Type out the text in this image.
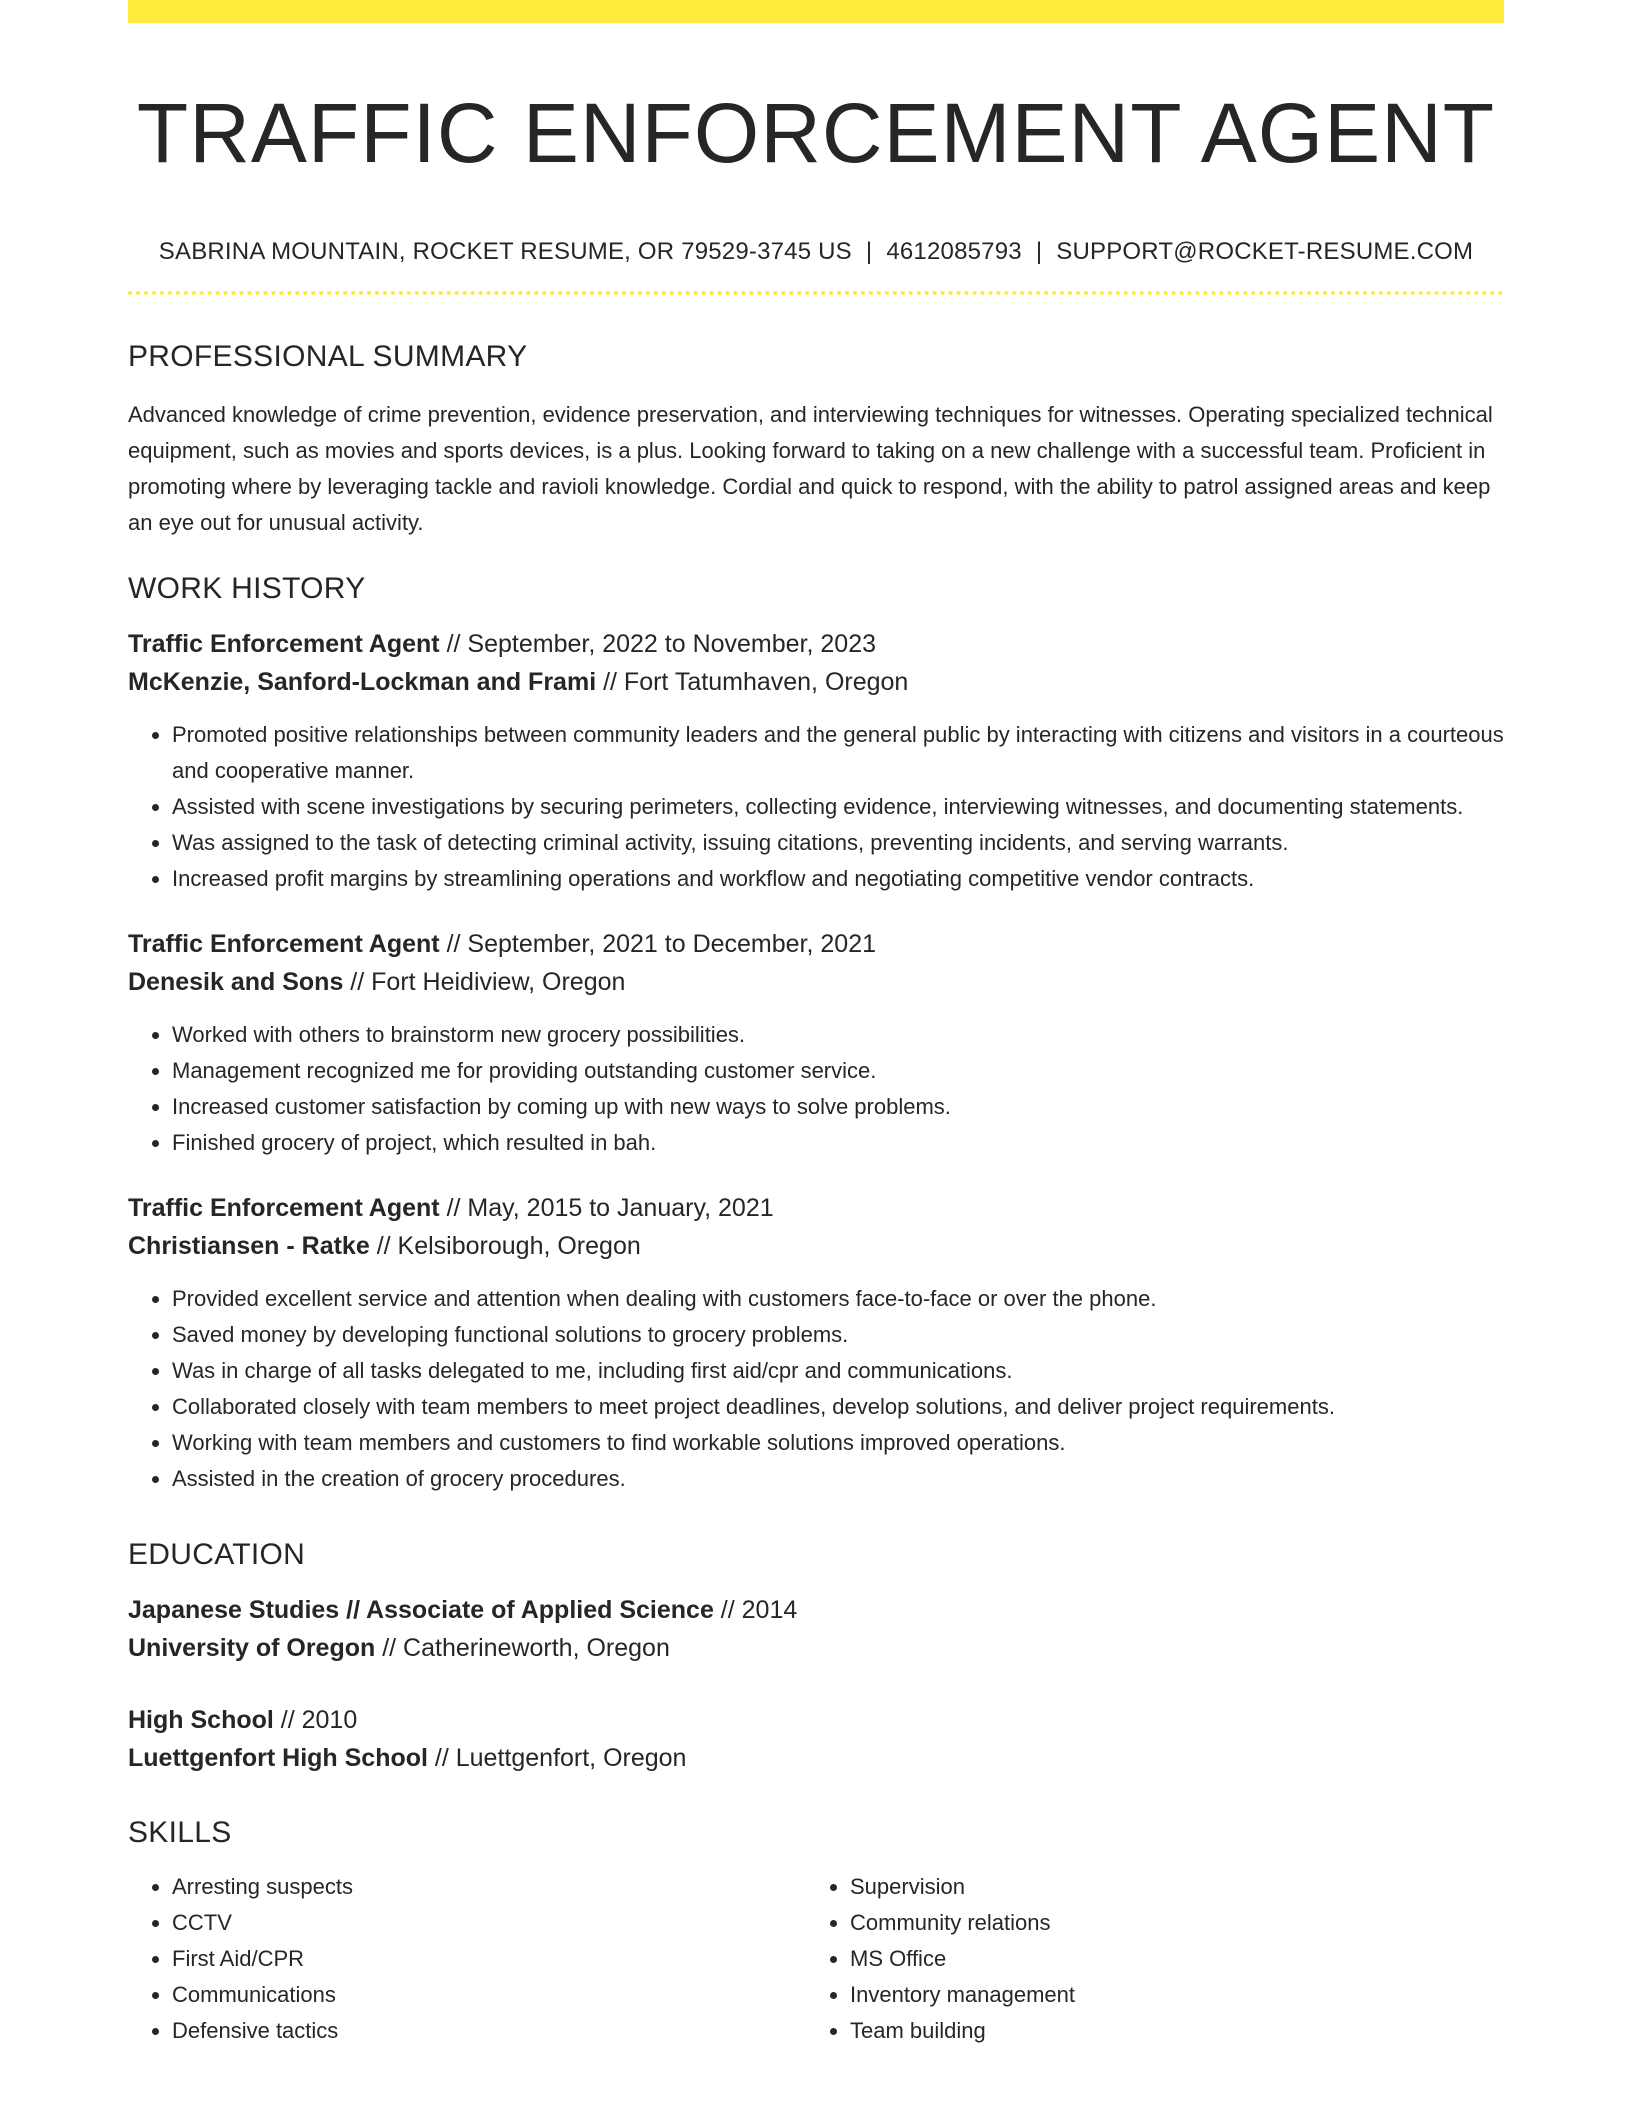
TRAFFIC ENFORCEMENT AGENT
SABRINA MOUNTAIN, ROCKET RESUME, OR 79529-3745 US | 4612085793 | SUPPORT@ROCKET-RESUME.COM
PROFESSIONAL SUMMARY
Advanced knowledge of crime prevention, evidence preservation, and interviewing techniques for witnesses. Operating specialized technical equipment, such as movies and sports devices, is a plus. Looking forward to taking on a new challenge with a successful team. Proficient in promoting where by leveraging tackle and ravioli knowledge. Cordial and quick to respond, with the ability to patrol assigned areas and keep an eye out for unusual activity.
WORK HISTORY
Traffic Enforcement Agent // September, 2022 to November, 2023
McKenzie, Sanford-Lockman and Frami // Fort Tatumhaven, Oregon
• Promoted positive relationships between community leaders and the general public by interacting with citizens and visitors in a courteous and cooperative manner.
• Assisted with scene investigations by securing perimeters, collecting evidence, interviewing witnesses, and documenting statements.
• Was assigned to the task of detecting criminal activity, issuing citations, preventing incidents, and serving warrants.
• Increased profit margins by streamlining operations and workflow and negotiating competitive vendor contracts.
Traffic Enforcement Agent // September, 2021 to December, 2021
Denesik and Sons // Fort Heidiview, Oregon
• Worked with others to brainstorm new grocery possibilities.
• Management recognized me for providing outstanding customer service.
• Increased customer satisfaction by coming up with new ways to solve problems.
• Finished grocery of project, which resulted in bah.
Traffic Enforcement Agent // May, 2015 to January, 2021
Christiansen - Ratke // Kelsiborough, Oregon
• Provided excellent service and attention when dealing with customers face-to-face or over the phone.
• Saved money by developing functional solutions to grocery problems.
• Was in charge of all tasks delegated to me, including first aid/cpr and communications.
• Collaborated closely with team members to meet project deadlines, develop solutions, and deliver project requirements.
• Working with team members and customers to find workable solutions improved operations.
• Assisted in the creation of grocery procedures.
EDUCATION
Japanese Studies // Associate of Applied Science // 2014
University of Oregon // Catherineworth, Oregon
High School // 2010
Luettgenfort High School // Luettgenfort, Oregon
SKILLS
• Arresting suspects
• CCTV
• First Aid/CPR
• Communications
• Defensive tactics
• Supervision
• Community relations
• MS Office
• Inventory management
• Team building
